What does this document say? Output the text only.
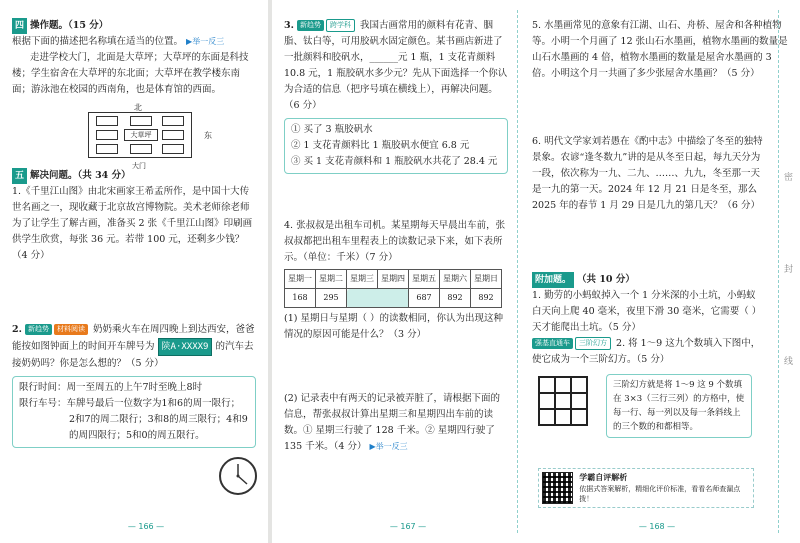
四 操作题。（15 分）
根据下面的描述把名称填在适当的位置。 ▶举一反三
走进学校大门，北面是大草坪；大草坪的东面是科技楼；学生宿舍在大草坪的东北面；大草坪在教学楼东南面；游泳池在校园的西南角，也是体育馆的西面。
北
大草坪	东
大门
五 解决问题。（共 34 分）
1.《千里江山图》由北宋画家王希孟所作，是中国十大传世名画之一，现收藏于北京故宫博物院。美术老师徐老师为了让学生了解古画，准备买 2 张《千里江山图》印刷画供学生欣赏，每张 36 元。若带 100 元，还剩多少钱？（4 分）
2. 新趋势 材料阅读 奶奶乘火车在周四晚上到达西安，爸爸能按如图钟面上的时间开车牌号为 陕A·XXXX9 的汽车去接奶奶吗？你是怎么想的？（5 分）
限行时间：周一至周五的上午7时至晚上8时
限行车号：车牌号最后一位数字为1和6的周一限行；
2和7的周二限行；3和8的周三限行；4和9
的周四限行；5和0的周五限行。
— 166 —
3. 新趋势 跨学科 我国古画常用的颜料有花青、胭脂、钛白等，可用胶矾水固定颜色。某书画店新进了一批颜料和胶矾水，______元 1 瓶，1 支花青颜料 10.8 元，1 瓶胶矾水多少元？先从下面选择一个你认为合适的信息（把序号填在横线上），再解决问题。（6 分）
① 买了 3 瓶胶矾水
② 1 支花青颜料比 1 瓶胶矾水便宜 6.8 元
③ 买 1 支花青颜料和 1 瓶胶矾水共花了 28.4 元
4. 张叔叔是出租车司机。某星期每天早晨出车前，张叔叔都把出租车里程表上的读数记录下来，如下表所示。（单位：千米）（7 分）
星期一	星期二	星期三	星期四	星期五	星期六	星期日
168	295			687	892	892
(1) 星期日与星期（ ）的读数相同，你认为出现这种情况的原因可能是什么？（3 分）
(2) 记录表中有两天的记录被弄脏了，请根据下面的信息，帮张叔叔计算出星期三和星期四出车前的读数。① 星期三行驶了 128 千米。② 星期四行驶了 135 千米。（4 分） ▶举一反三
— 167 —
5. 水墨画常见的意象有江湖、山石、舟桥、屋舍和各种植物等。小明一个月画了 12 张山石水墨画，植物水墨画的数量是山石水墨画的 4 倍，植物水墨画的数量是屋舍水墨画的 3 倍。小明这个月一共画了多少张屋舍水墨画？（5 分）
6. 明代文学家刘若愚在《酌中志》中描绘了冬至的独特景象。农谚“逢冬数九”讲的是从冬至日起，每九天分为一段，依次称为一九、二九、……、九九，冬至那一天是一九的第一天。2024 年 12 月 21 日是冬至，那么 2025 年的春节 1 月 29 日是几九的第几天？（6 分）
附加题。 （共 10 分）
1. 勤劳的小蚂蚁掉入一个 1 分米深的小土坑，小蚂蚁白天向上爬 40 毫米，夜里下滑 30 毫米，它需要（ ）天才能爬出土坑。（5 分）
强基直通车 三阶幻方 2. 将 1～9 这九个数填入下图中，使它成为一个三阶幻方。（5 分）
三阶幻方就是将 1～9 这 9 个数填在 3×3（三行三列）的方格中，使每一行、每一列以及每一条斜线上的三个数的和都相等。
学霸自评解析
依据式答案解析，精细化评价标准，看看名师查漏点拨！
密
封
线
— 168 —
